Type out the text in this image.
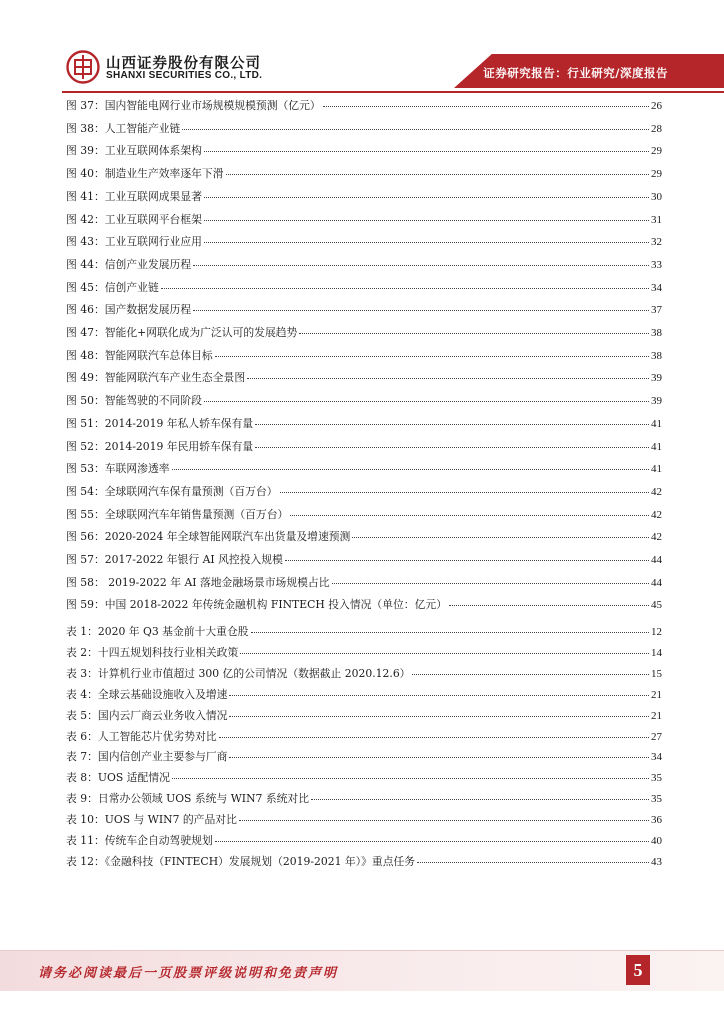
山西证券股份有限公司
SHANXI SECURITIES CO., LTD.	证券研究报告：行业研究/深度报告
图 37：国内智能电网行业市场规模规模预测（亿元）	26
图 38：人工智能产业链	28
图 39：工业互联网体系架构	29
图 40：制造业生产效率逐年下滑	29
图 41：工业互联网成果显著	30
图 42：工业互联网平台框架	31
图 43：工业互联网行业应用	32
图 44：信创产业发展历程	33
图 45：信创产业链	34
图 46：国产数据发展历程	37
图 47：智能化+网联化成为广泛认可的发展趋势	38
图 48：智能网联汽车总体目标	38
图 49：智能网联汽车产业生态全景图	39
图 50：智能驾驶的不同阶段	39
图 51：2014-2019 年私人轿车保有量	41
图 52：2014-2019 年民用轿车保有量	41
图 53：车联网渗透率	41
图 54：全球联网汽车保有量预测（百万台）	42
图 55：全球联网汽车年销售量预测（百万台）	42
图 56：2020-2024 年全球智能网联汽车出货量及增速预测	42
图 57：2017-2022 年银行 AI 风控投入规模	44
图 58： 2019-2022 年 AI 落地金融场景市场规模占比	44
图 59：中国 2018-2022 年传统金融机构 FINTECH 投入情况（单位：亿元）	45
表 1：2020 年 Q3 基金前十大重仓股	12
表 2：十四五规划科技行业相关政策	14
表 3：计算机行业市值超过 300 亿的公司情况（数据截止 2020.12.6）	15
表 4：全球云基础设施收入及增速	21
表 5：国内云厂商云业务收入情况	21
表 6：人工智能芯片优劣势对比	27
表 7：国内信创产业主要参与厂商	34
表 8：UOS 适配情况	35
表 9：日常办公领域 UOS 系统与 WIN7 系统对比	35
表 10：UOS 与 WIN7 的产品对比	36
表 11：传统车企自动驾驶规划	40
表 12：《金融科技（FINTECH）发展规划（2019-2021 年）》重点任务	43
请务必阅读最后一页股票评级说明和免责声明	5
